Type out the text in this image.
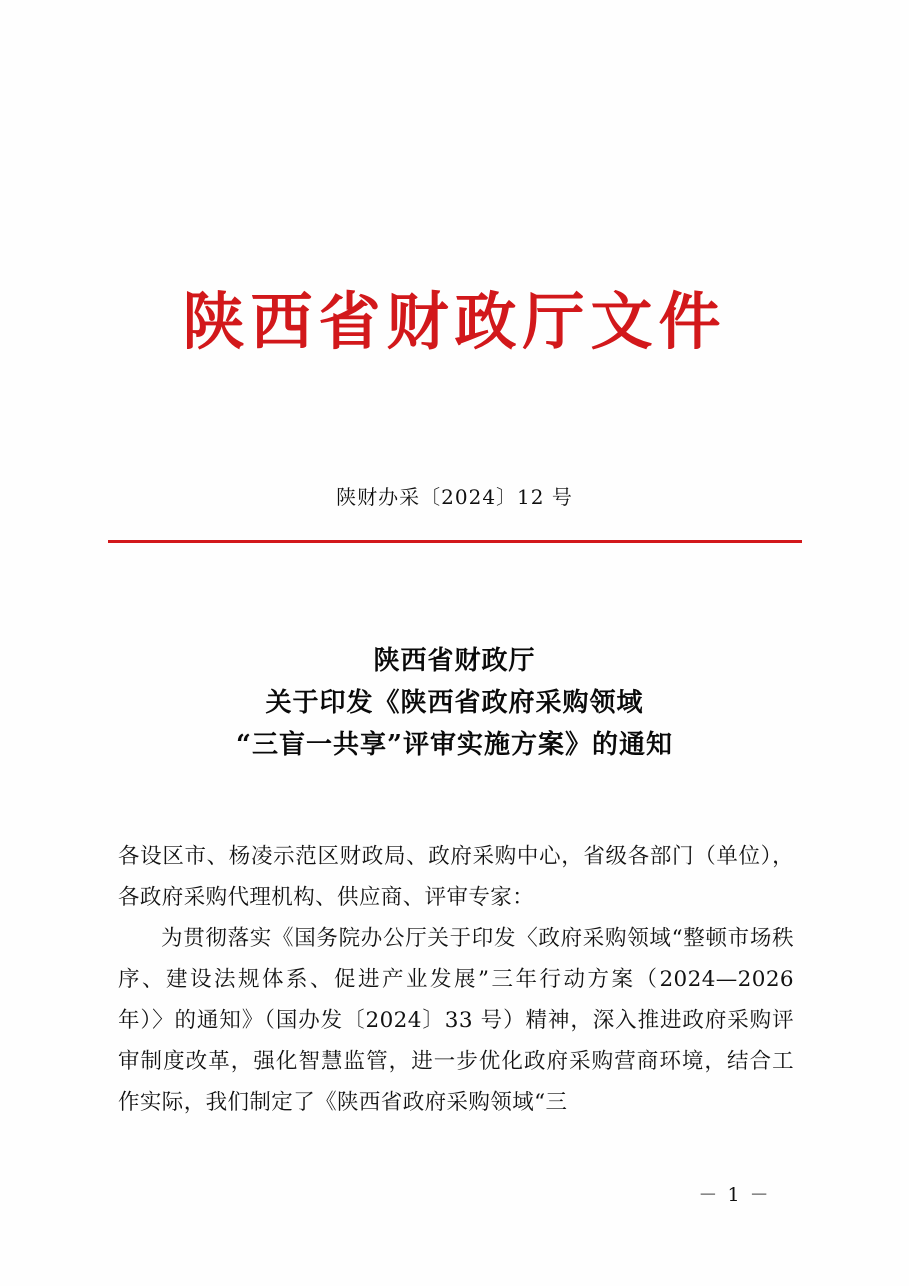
陕西省财政厅文件
陕财办采〔2024〕12 号
陕西省财政厅
关于印发《陕西省政府采购领域
“三盲一共享”评审实施方案》的通知

各设区市、杨凌示范区财政局、政府采购中心，省级各部门（单位），各政府采购代理机构、供应商、评审专家：

为贯彻落实《国务院办公厅关于印发〈政府采购领域“整顿市场秩序、建设法规体系、促进产业发展”三年行动方案（2024—2026 年）〉的通知》（国办发〔2024〕33 号）精神，深入推进政府采购评审制度改革，强化智慧监管，进一步优化政府采购营商环境，结合工作实际，我们制定了《陕西省政府采购领域“三

－ 1 －
